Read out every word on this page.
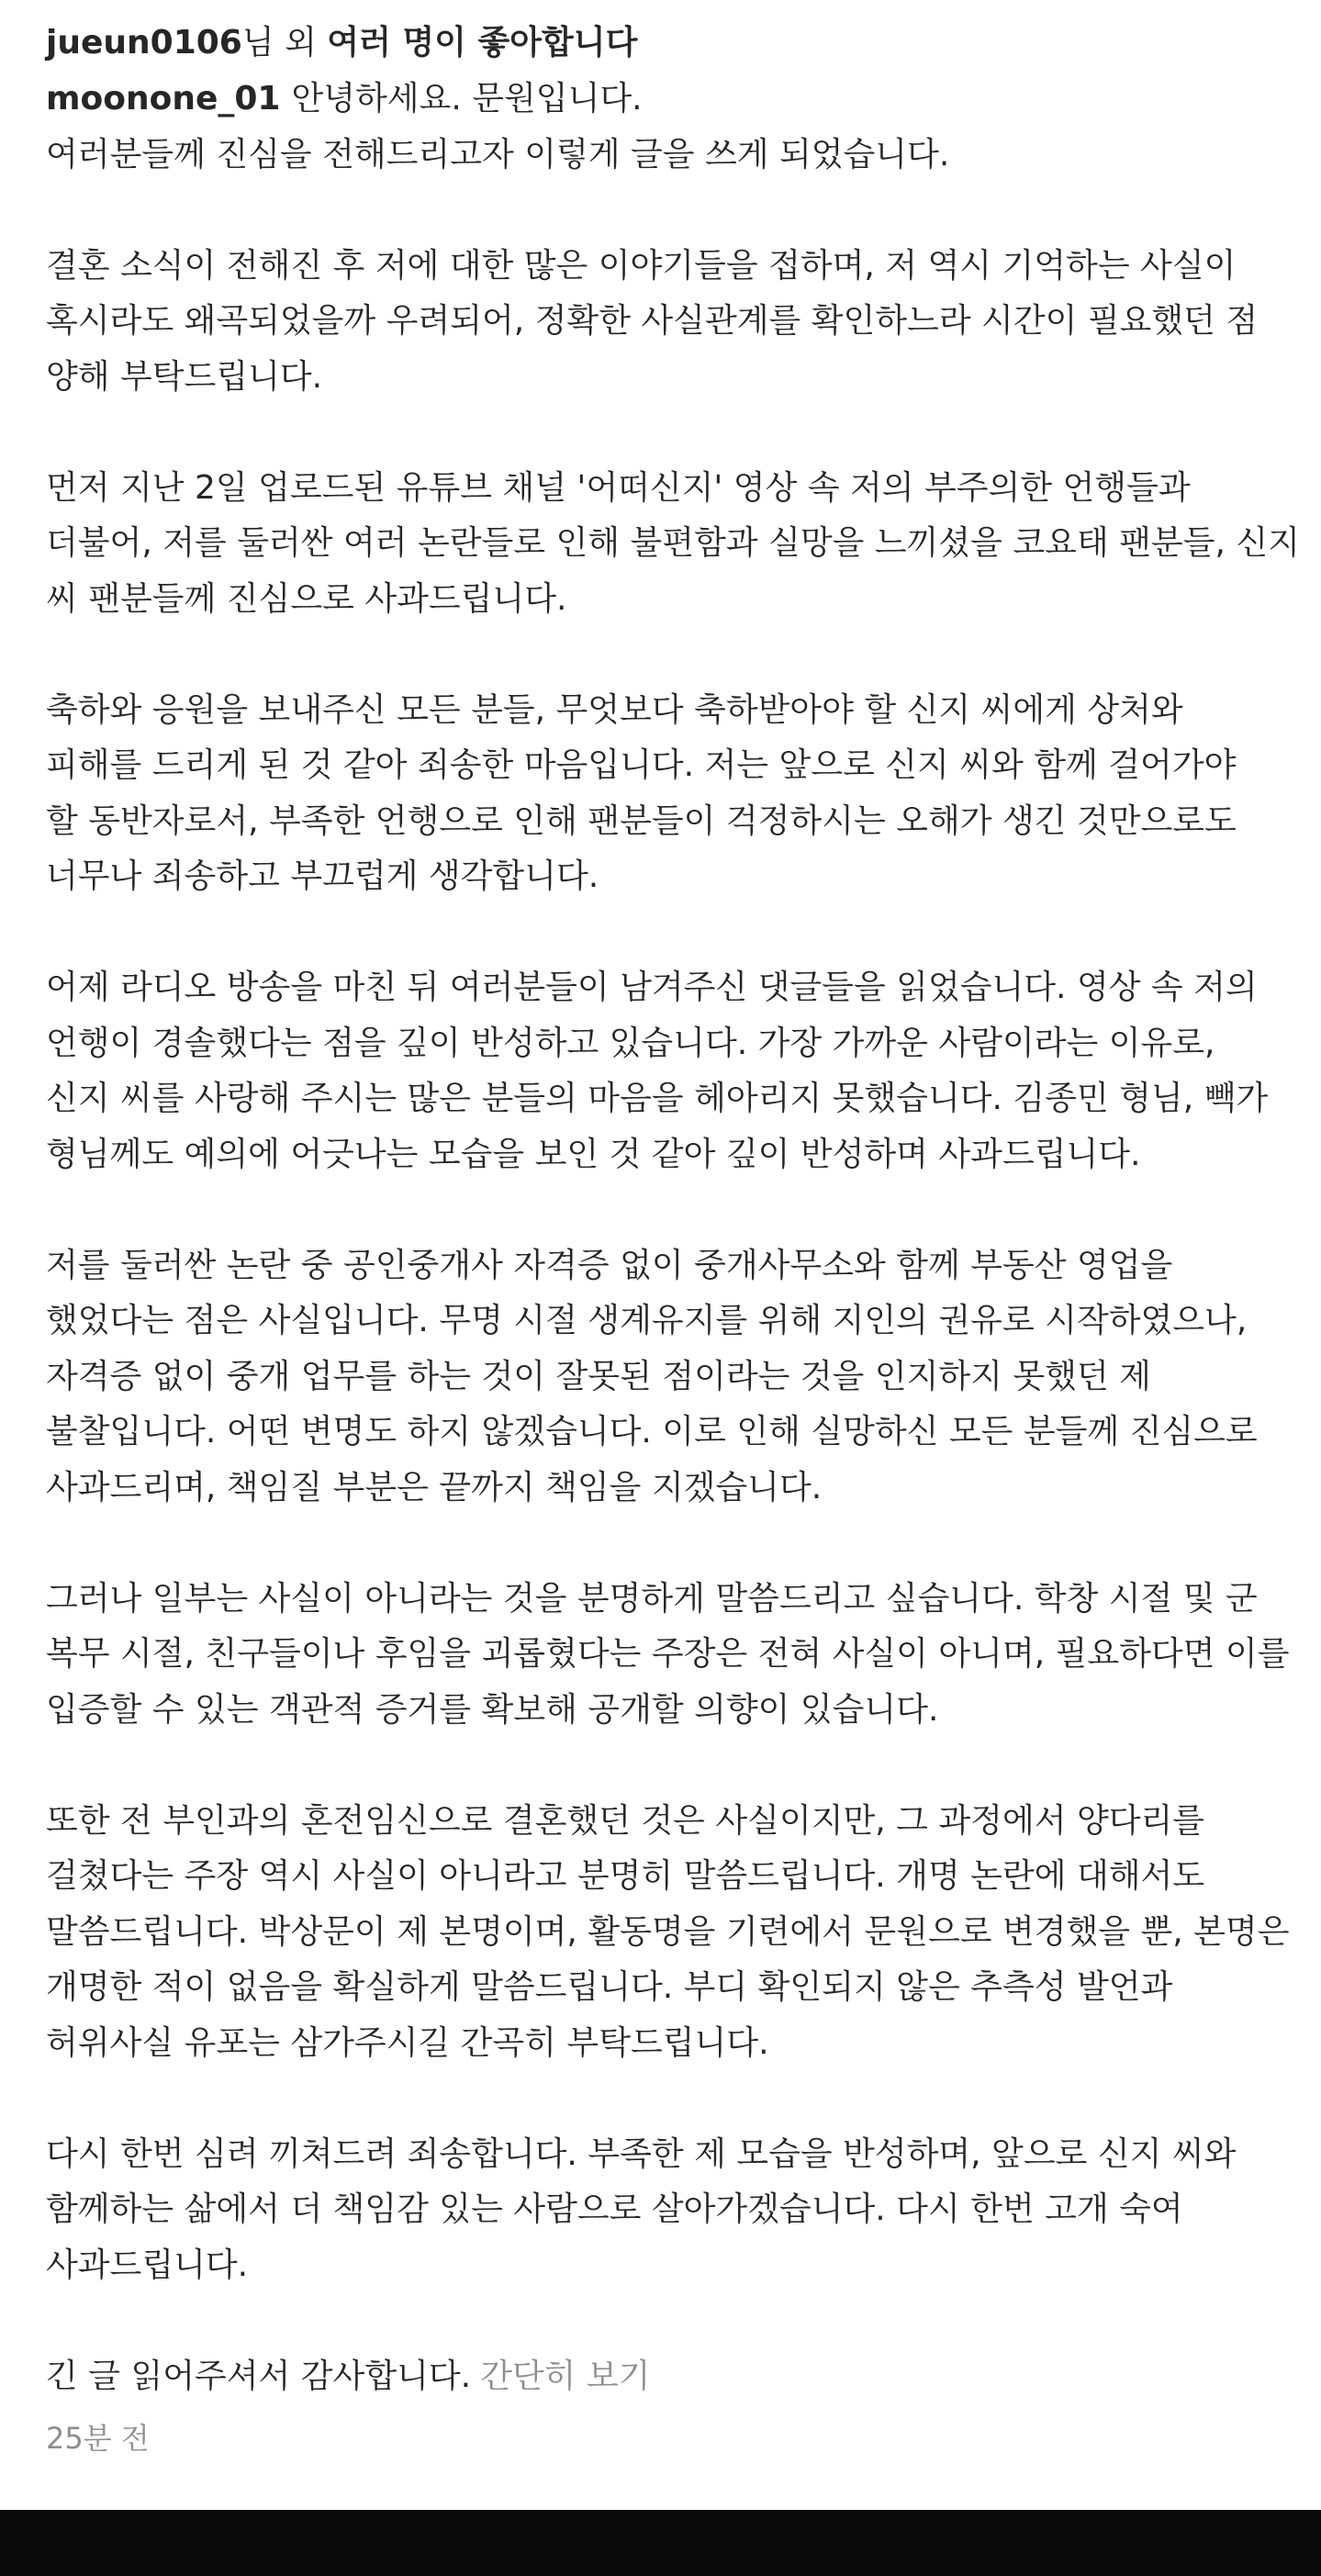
jueun0106님 외 여러 명이 좋아합니다

moonone_01 안녕하세요. 문원입니다.

여러분들께 진심을 전해드리고자 이렇게 글을 쓰게 되었습니다.

결혼 소식이 전해진 후 저에 대한 많은 이야기들을 접하며, 저 역시 기억하는 사실이

혹시라도 왜곡되었을까 우려되어, 정확한 사실관계를 확인하느라 시간이 필요했던 점

양해 부탁드립니다.

먼저 지난 2일 업로드된 유튜브 채널 '어떠신지' 영상 속 저의 부주의한 언행들과

더불어, 저를 둘러싼 여러 논란들로 인해 불편함과 실망을 느끼셨을 코요태 팬분들, 신지

씨 팬분들께 진심으로 사과드립니다.

축하와 응원을 보내주신 모든 분들, 무엇보다 축하받아야 할 신지 씨에게 상처와

피해를 드리게 된 것 같아 죄송한 마음입니다. 저는 앞으로 신지 씨와 함께 걸어가야

할 동반자로서, 부족한 언행으로 인해 팬분들이 걱정하시는 오해가 생긴 것만으로도

너무나 죄송하고 부끄럽게 생각합니다.

어제 라디오 방송을 마친 뒤 여러분들이 남겨주신 댓글들을 읽었습니다. 영상 속 저의

언행이 경솔했다는 점을 깊이 반성하고 있습니다. 가장 가까운 사람이라는 이유로,

신지 씨를 사랑해 주시는 많은 분들의 마음을 헤아리지 못했습니다. 김종민 형님, 빽가

형님께도 예의에 어긋나는 모습을 보인 것 같아 깊이 반성하며 사과드립니다.

저를 둘러싼 논란 중 공인중개사 자격증 없이 중개사무소와 함께 부동산 영업을

했었다는 점은 사실입니다. 무명 시절 생계유지를 위해 지인의 권유로 시작하였으나,

자격증 없이 중개 업무를 하는 것이 잘못된 점이라는 것을 인지하지 못했던 제

불찰입니다. 어떤 변명도 하지 않겠습니다. 이로 인해 실망하신 모든 분들께 진심으로

사과드리며, 책임질 부분은 끝까지 책임을 지겠습니다.

그러나 일부는 사실이 아니라는 것을 분명하게 말씀드리고 싶습니다. 학창 시절 및 군

복무 시절, 친구들이나 후임을 괴롭혔다는 주장은 전혀 사실이 아니며, 필요하다면 이를

입증할 수 있는 객관적 증거를 확보해 공개할 의향이 있습니다.

또한 전 부인과의 혼전임신으로 결혼했던 것은 사실이지만, 그 과정에서 양다리를

걸쳤다는 주장 역시 사실이 아니라고 분명히 말씀드립니다. 개명 논란에 대해서도

말씀드립니다. 박상문이 제 본명이며, 활동명을 기련에서 문원으로 변경했을 뿐, 본명은

개명한 적이 없음을 확실하게 말씀드립니다. 부디 확인되지 않은 추측성 발언과

허위사실 유포는 삼가주시길 간곡히 부탁드립니다.

다시 한번 심려 끼쳐드려 죄송합니다. 부족한 제 모습을 반성하며, 앞으로 신지 씨와

함께하는 삶에서 더 책임감 있는 사람으로 살아가겠습니다. 다시 한번 고개 숙여

사과드립니다.

긴 글 읽어주셔서 감사합니다. 간단히 보기

25분 전
